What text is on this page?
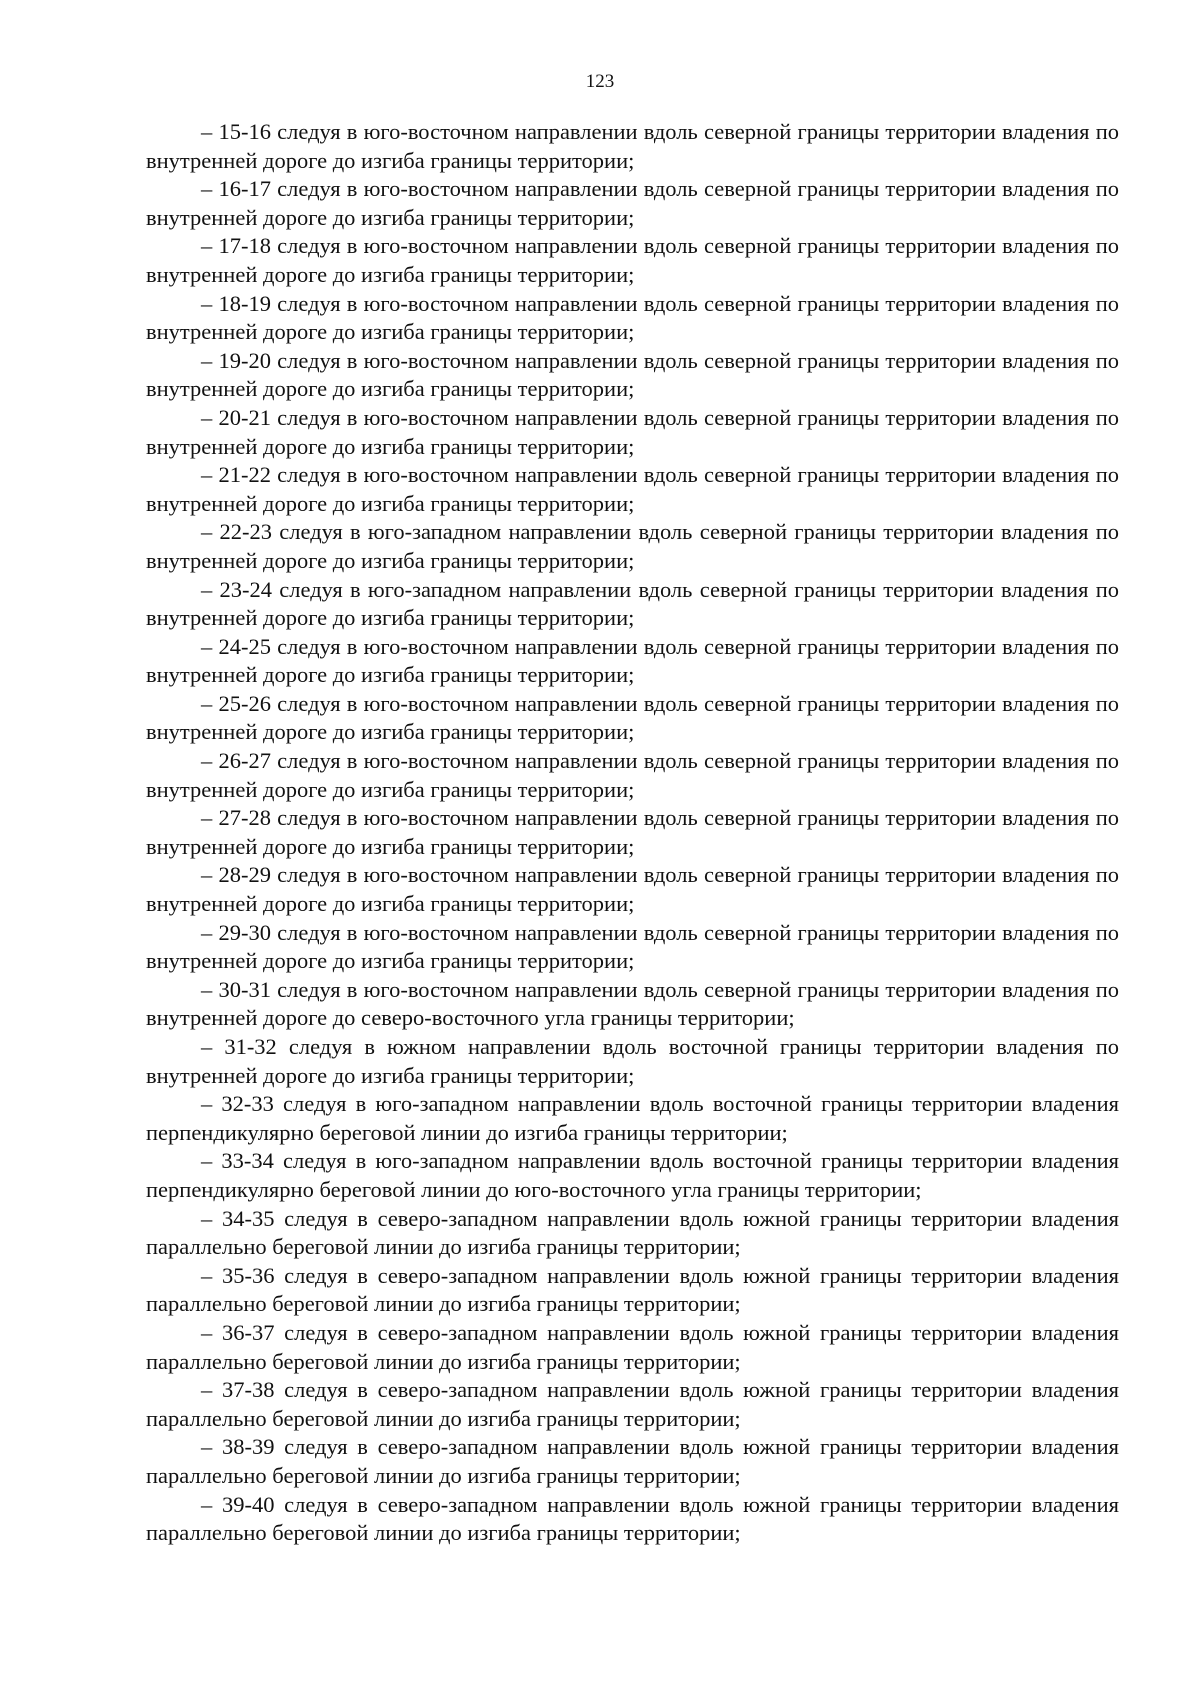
123

– 15-16 следуя в юго-восточном направлении вдоль северной границы территории владения по внутренней дороге до изгиба границы территории;

– 16-17 следуя в юго-восточном направлении вдоль северной границы территории владения по внутренней дороге до изгиба границы территории;

– 17-18 следуя в юго-восточном направлении вдоль северной границы территории владения по внутренней дороге до изгиба границы территории;

– 18-19 следуя в юго-восточном направлении вдоль северной границы территории владения по внутренней дороге до изгиба границы территории;

– 19-20 следуя в юго-восточном направлении вдоль северной границы территории владения по внутренней дороге до изгиба границы территории;

– 20-21 следуя в юго-восточном направлении вдоль северной границы территории владения по внутренней дороге до изгиба границы территории;

– 21-22 следуя в юго-восточном направлении вдоль северной границы территории владения по внутренней дороге до изгиба границы территории;

– 22-23 следуя в юго-западном направлении вдоль северной границы территории владения по внутренней дороге до изгиба границы территории;

– 23-24 следуя в юго-западном направлении вдоль северной границы территории владения по внутренней дороге до изгиба границы территории;

– 24-25 следуя в юго-восточном направлении вдоль северной границы территории владения по внутренней дороге до изгиба границы территории;

– 25-26 следуя в юго-восточном направлении вдоль северной границы территории владения по внутренней дороге до изгиба границы территории;

– 26-27 следуя в юго-восточном направлении вдоль северной границы территории владения по внутренней дороге до изгиба границы территории;

– 27-28 следуя в юго-восточном направлении вдоль северной границы территории владения по внутренней дороге до изгиба границы территории;

– 28-29 следуя в юго-восточном направлении вдоль северной границы территории владения по внутренней дороге до изгиба границы территории;

– 29-30 следуя в юго-восточном направлении вдоль северной границы территории владения по внутренней дороге до изгиба границы территории;

– 30-31 следуя в юго-восточном направлении вдоль северной границы территории владения по внутренней дороге до северо-восточного угла границы территории;

– 31-32 следуя в южном направлении вдоль восточной границы территории владения по внутренней дороге до изгиба границы территории;

– 32-33 следуя в юго-западном направлении вдоль восточной границы территории владения перпендикулярно береговой линии до изгиба границы территории;

– 33-34 следуя в юго-западном направлении вдоль восточной границы территории владения перпендикулярно береговой линии до юго-восточного угла границы территории;

– 34-35 следуя в северо-западном направлении вдоль южной границы территории владения параллельно береговой линии до изгиба границы территории;

– 35-36 следуя в северо-западном направлении вдоль южной границы территории владения параллельно береговой линии до изгиба границы территории;

– 36-37 следуя в северо-западном направлении вдоль южной границы территории владения параллельно береговой линии до изгиба границы территории;

– 37-38 следуя в северо-западном направлении вдоль южной границы территории владения параллельно береговой линии до изгиба границы территории;

– 38-39 следуя в северо-западном направлении вдоль южной границы территории владения параллельно береговой линии до изгиба границы территории;

– 39-40 следуя в северо-западном направлении вдоль южной границы территории владения параллельно береговой линии до изгиба границы территории;
